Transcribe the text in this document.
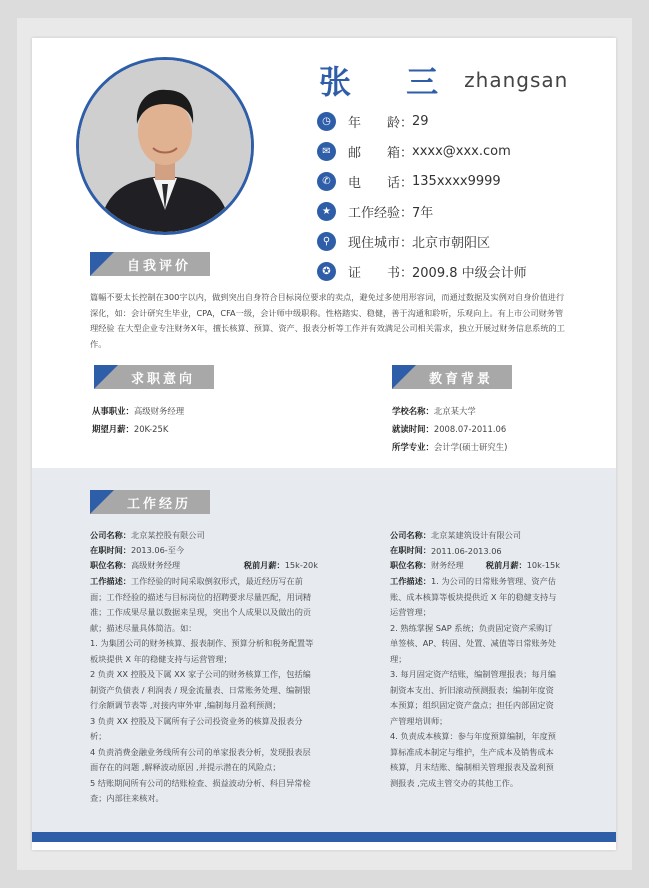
张 三 zhangsan
◷	年　　龄：
29
✉	邮　　箱：
xxxx@xxx.com
✆	电　　话：
135xxxx9999
★	工作经验：
7年
⚲	现住城市：
北京市朝阳区
✪	证　　书：
2009.8 中级会计师
自我评价
篇幅不要太长控制在300字以内，做到突出自身符合目标岗位要求的卖点，避免过多使用形容词，而通过数据及实例对自身价值进行深化，如：会计研究生毕业，CPA，CFA一级，会计师中级职称。性格踏实、稳健，善于沟通和聆听，乐观向上。有上市公司财务管理经验 在大型企业专注财务X年，擅长核算、预算、资产、报表分析等工作并有效满足公司相关需求，独立开展过财务信息系统的工作。
求职意向
从事职业： 高级财务经理
期望月薪： 20K-25K
教育背景
学校名称： 北京某大学
就读时间： 2008.07-2011.06
所学专业： 会计学(硕士研究生)
工作经历
公司名称： 北京某控股有限公司
在职时间： 2013.06-至今
职位名称：高级财务经理	税前月薪：15k-20k
工作描述：工作经验的时间采取倒叙形式，最近经历写在前面；工作经验的描述与目标岗位的招聘要求尽量匹配，用词精准；工作成果尽量以数据来呈现，突出个人成果以及做出的贡献；描述尽量具体简洁。如：
1. 为集团公司的财务核算、报表制作、预算分析和税务配置等板块提供 X 年的稳健支持与运营管理；
2 负责 XX 控股及下属 XX 家子公司的财务核算工作，包括编制资产负债表 / 利润表 / 现金流量表、日常账务处理、编制银行余额调节表等 ,对接内审外审 ,编制每月盈利预测；
3 负责 XX 控股及下属所有子公司投资业务的核算及报表分析；
4 负责消费金融业务线所有公司的单家报表分析，发现报表层面存在的问题 ,解释波动原因 ,并提示潜在的风险点；
5 结账期间所有公司的结账检查、损益波动分析、科目异常检查；内部往来核对。
公司名称： 北京某建筑设计有限公司
在职时间： 2011.06-2013.06
职位名称：财务经理	税前月薪：10k-15k
工作描述：1. 为公司的日常账务管理、资产估账、成本核算等板块提供近 X 年的稳健支持与运营管理；
2. 熟练掌握 SAP 系统；负责固定资产采购订单签核、AP、转固、处置、减值等日常账务处理；
3. 每月固定资产结账，编制管理报表；每月编制资本支出、折旧滚动预测报表；编制年度资本预算；组织固定资产盘点；担任内部固定资产管理培训师；
4. 负责成本核算：参与年度预算编制，年度预算标准成本制定与维护，生产成本及销售成本核算，月末结账、编制相关管理报表及盈利预测报表 ,完成主管交办的其他工作。
